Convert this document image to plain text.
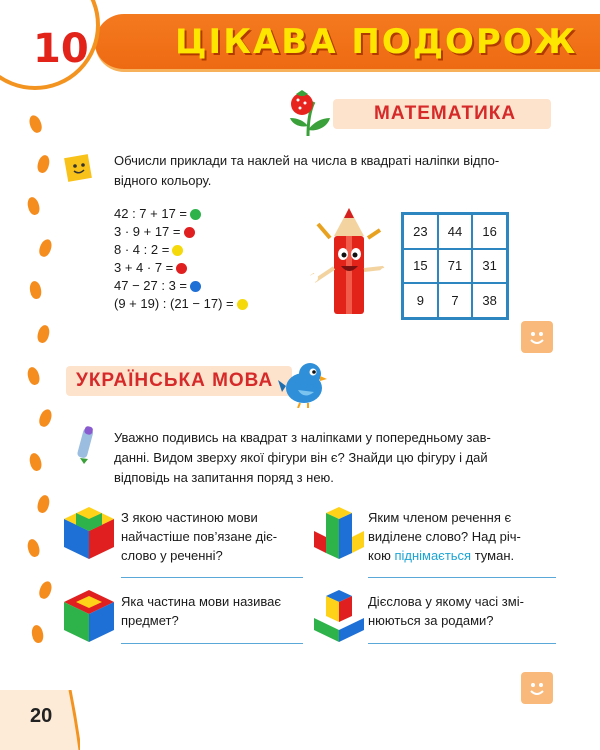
10	ЦІКАВА ПОДОРОЖ
МАТЕМАТИКА
Обчисли приклади та наклей на числа в квадраті наліпки відпо-
відного кольору.
42 : 7 + 17 =
3 · 9 + 17 =
8 · 4 : 2 =
3 + 4 · 7 =
47 − 27 : 3 =
(9 + 19) : (21 − 17) =
23	44	16
15	71	31
9	7	38
УКРАЇНСЬКА МОВА
Уважно подивись на квадрат з наліпками у попередньому зав-
данні. Видом зверху якої фігури він є? Знайди цю фігуру і дай
відповідь на запитання поряд з нею.
З якою частиною мови
найчастіше пов’язане діє-
слово у реченні?
Яким членом речення є
виділене слово? Над річ-
кою піднімається туман.
Яка частина мови називає
предмет?
Дієслова у якому часі змі-
нюються за родами?
20
